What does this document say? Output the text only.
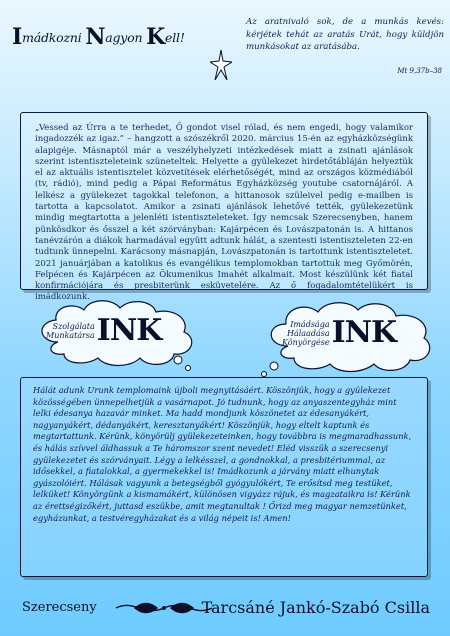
Imádkozni Nagyon Kell!
Az aratnivaló sok, de a munkás kevés: kérjétek tehát az aratás Urát, hogy küldjön munkásokat az aratásába.
Mt 9,37b–38

„Vessed az Úrra a te terhedet, Ő gondot visel rólad, és nem engedi, hogy valamikor ingadozzék az igaz.” – hangzott a szószékről 2020. március 15-én az egyházközségünk alapigéje. Másnaptól már a veszélyhelyzeti intézkedések miatt a zsinati ajánlások szerint istentiszteleteink szüneteltek. Helyette a gyülekezet hirdetőtábláján helyeztük el az aktuális istentisztelet közvetítések elérhetőségét, mind az országos közmédiából (tv, rádió), mind pedig a Pápai Református Egyházközség youtube csatornájáról. A lelkész a gyülekezet tagokkal telefonon, a hittanosok szüleivel pedig e-mailben is tartotta a kapcsolatot. Amikor a zsinati ajánlások lehetővé tették, gyülekezetünk mindig megtartotta a jelenléti istentiszteleteket. Így nemcsak Szerecsenyben, hanem pünkösdkor és ősszel a két szórványban: Kajárpécen és Lovászpatonán is. A hittanos tanévzárón a diákok harmadával együtt adtunk hálát, a szentesti istentiszteleten 22-en tudtunk ünnepelni. Karácsony másnapján, Lovászpatonán is tartottunk istentiszteletet. 2021 januárjában a katolikus és evangélikus templomokban tartottuk meg Győmörén, Felpécen és Kajárpécen az Ökumenikus Imahét alkalmait. Most készülünk két fiatal konfirmációjára és presbiterünk esküvetelére. Az ő fogadalomtételükért is imádkozunk.

Szolgálata
Munkatársa INK	Imádsága
Hálaadása
Könyörgése INK

Hálát adunk Urunk templomaink újboli megnyitásáért. Köszönjük, hogy a gyülekezet közösségében ünnepelhetjük a vasárnapot. Jó tudnunk, hogy az anyaszentegyház mint lelki édesanya hazavár minket. Ma hadd mondjunk köszönetet az édesanyákért, nagyanyákért, dédanyákért, keresztanyákért! Köszönjük, hogy eltelt kaptunk és megtartattunk. Kérünk, könyörülj gyülekezeteinken, hogy továbbra is megmaradhassunk, és hálás szívvel áldhassuk a Te háromszor szent nevedet! Eléd visszük a szerecsenyi gyülekezetet és szórványait. Légy a lelkésszel, a gondnokkal, a presbitériummal, az idősekkel, a fiatalokkal, a gyermekekkel is! Imádkozunk a járvány miatt elhunytak gyászolóiért. Hálásak vagyunk a betegségből gyógyulókért, Te erősítsd meg testüket, lelküket! Könyörgünk a kismamákért, különösen vigyázz rájuk, és magzataikra is! Kérünk az érettségizőkért, juttasd eszükbe, amit megtanultak ! Őrizd meg magyar nemzetünket, egyházunkat, a testvéregyházakat és a világ népeit is! Amen!

Szerecseny	Tarcsáné Jankó-Szabó Csilla
